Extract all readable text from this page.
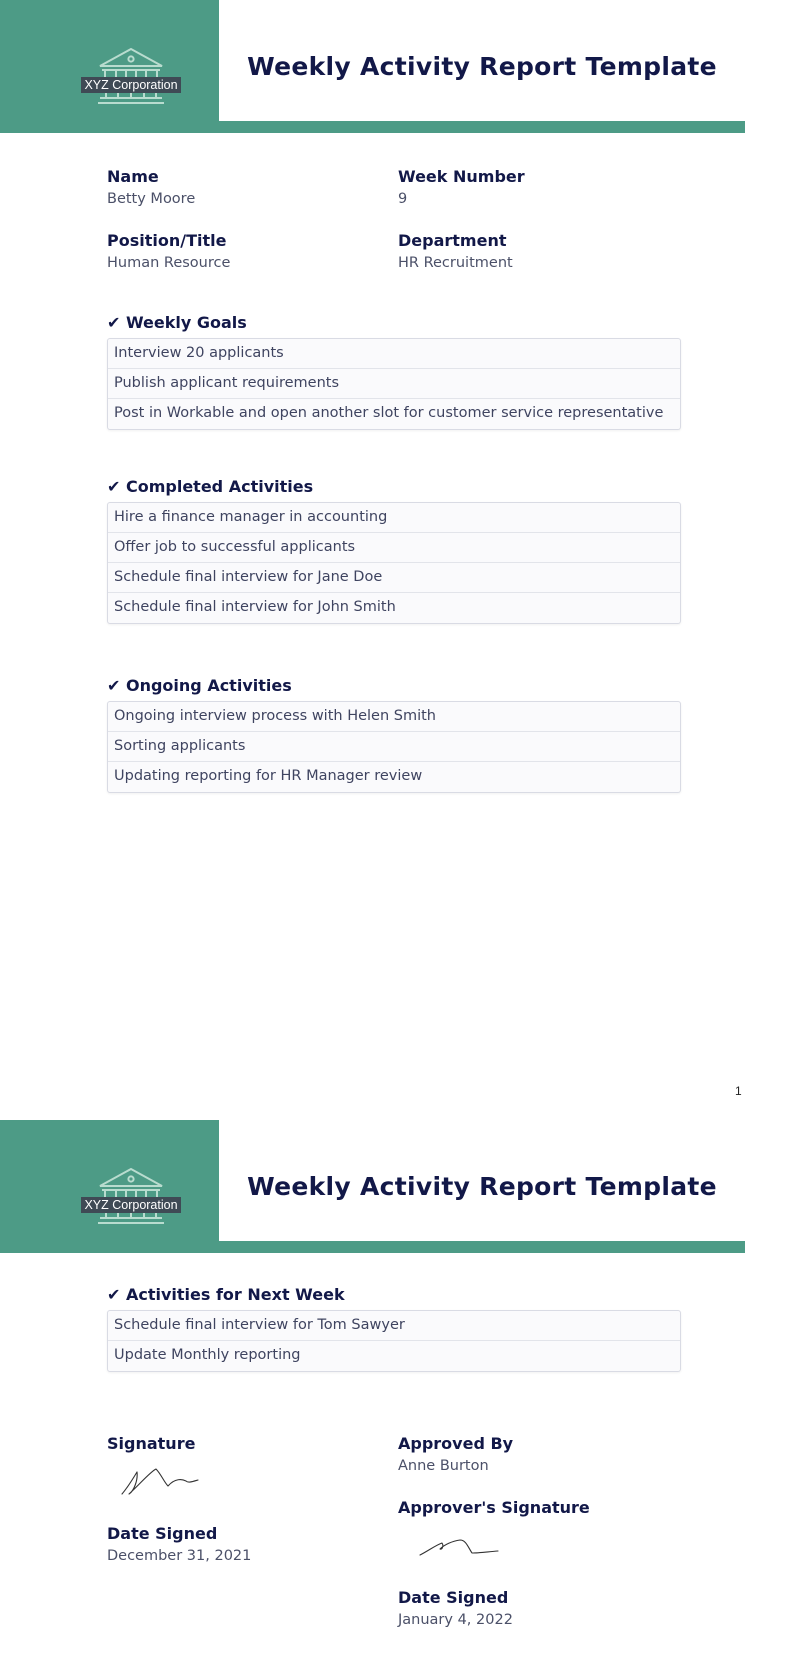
XYZ Corporation
Weekly Activity Report Template
Name
Betty Moore
Week Number
9
Position/Title
Human Resource
Department
HR Recruitment
✔ Weekly Goals
Interview 20 applicants
Publish applicant requirements
Post in Workable and open another slot for customer service representative
✔ Completed Activities
Hire a finance manager in accounting
Offer job to successful applicants
Schedule final interview for Jane Doe
Schedule final interview for John Smith
✔ Ongoing Activities
Ongoing interview process with Helen Smith
Sorting applicants
Updating reporting for HR Manager review
1
XYZ Corporation
Weekly Activity Report Template
✔ Activities for Next Week
Schedule final interview for Tom Sawyer
Update Monthly reporting
Signature
Date Signed
December 31, 2021
Approved By
Anne Burton
Approver's Signature
Date Signed
January 4, 2022
